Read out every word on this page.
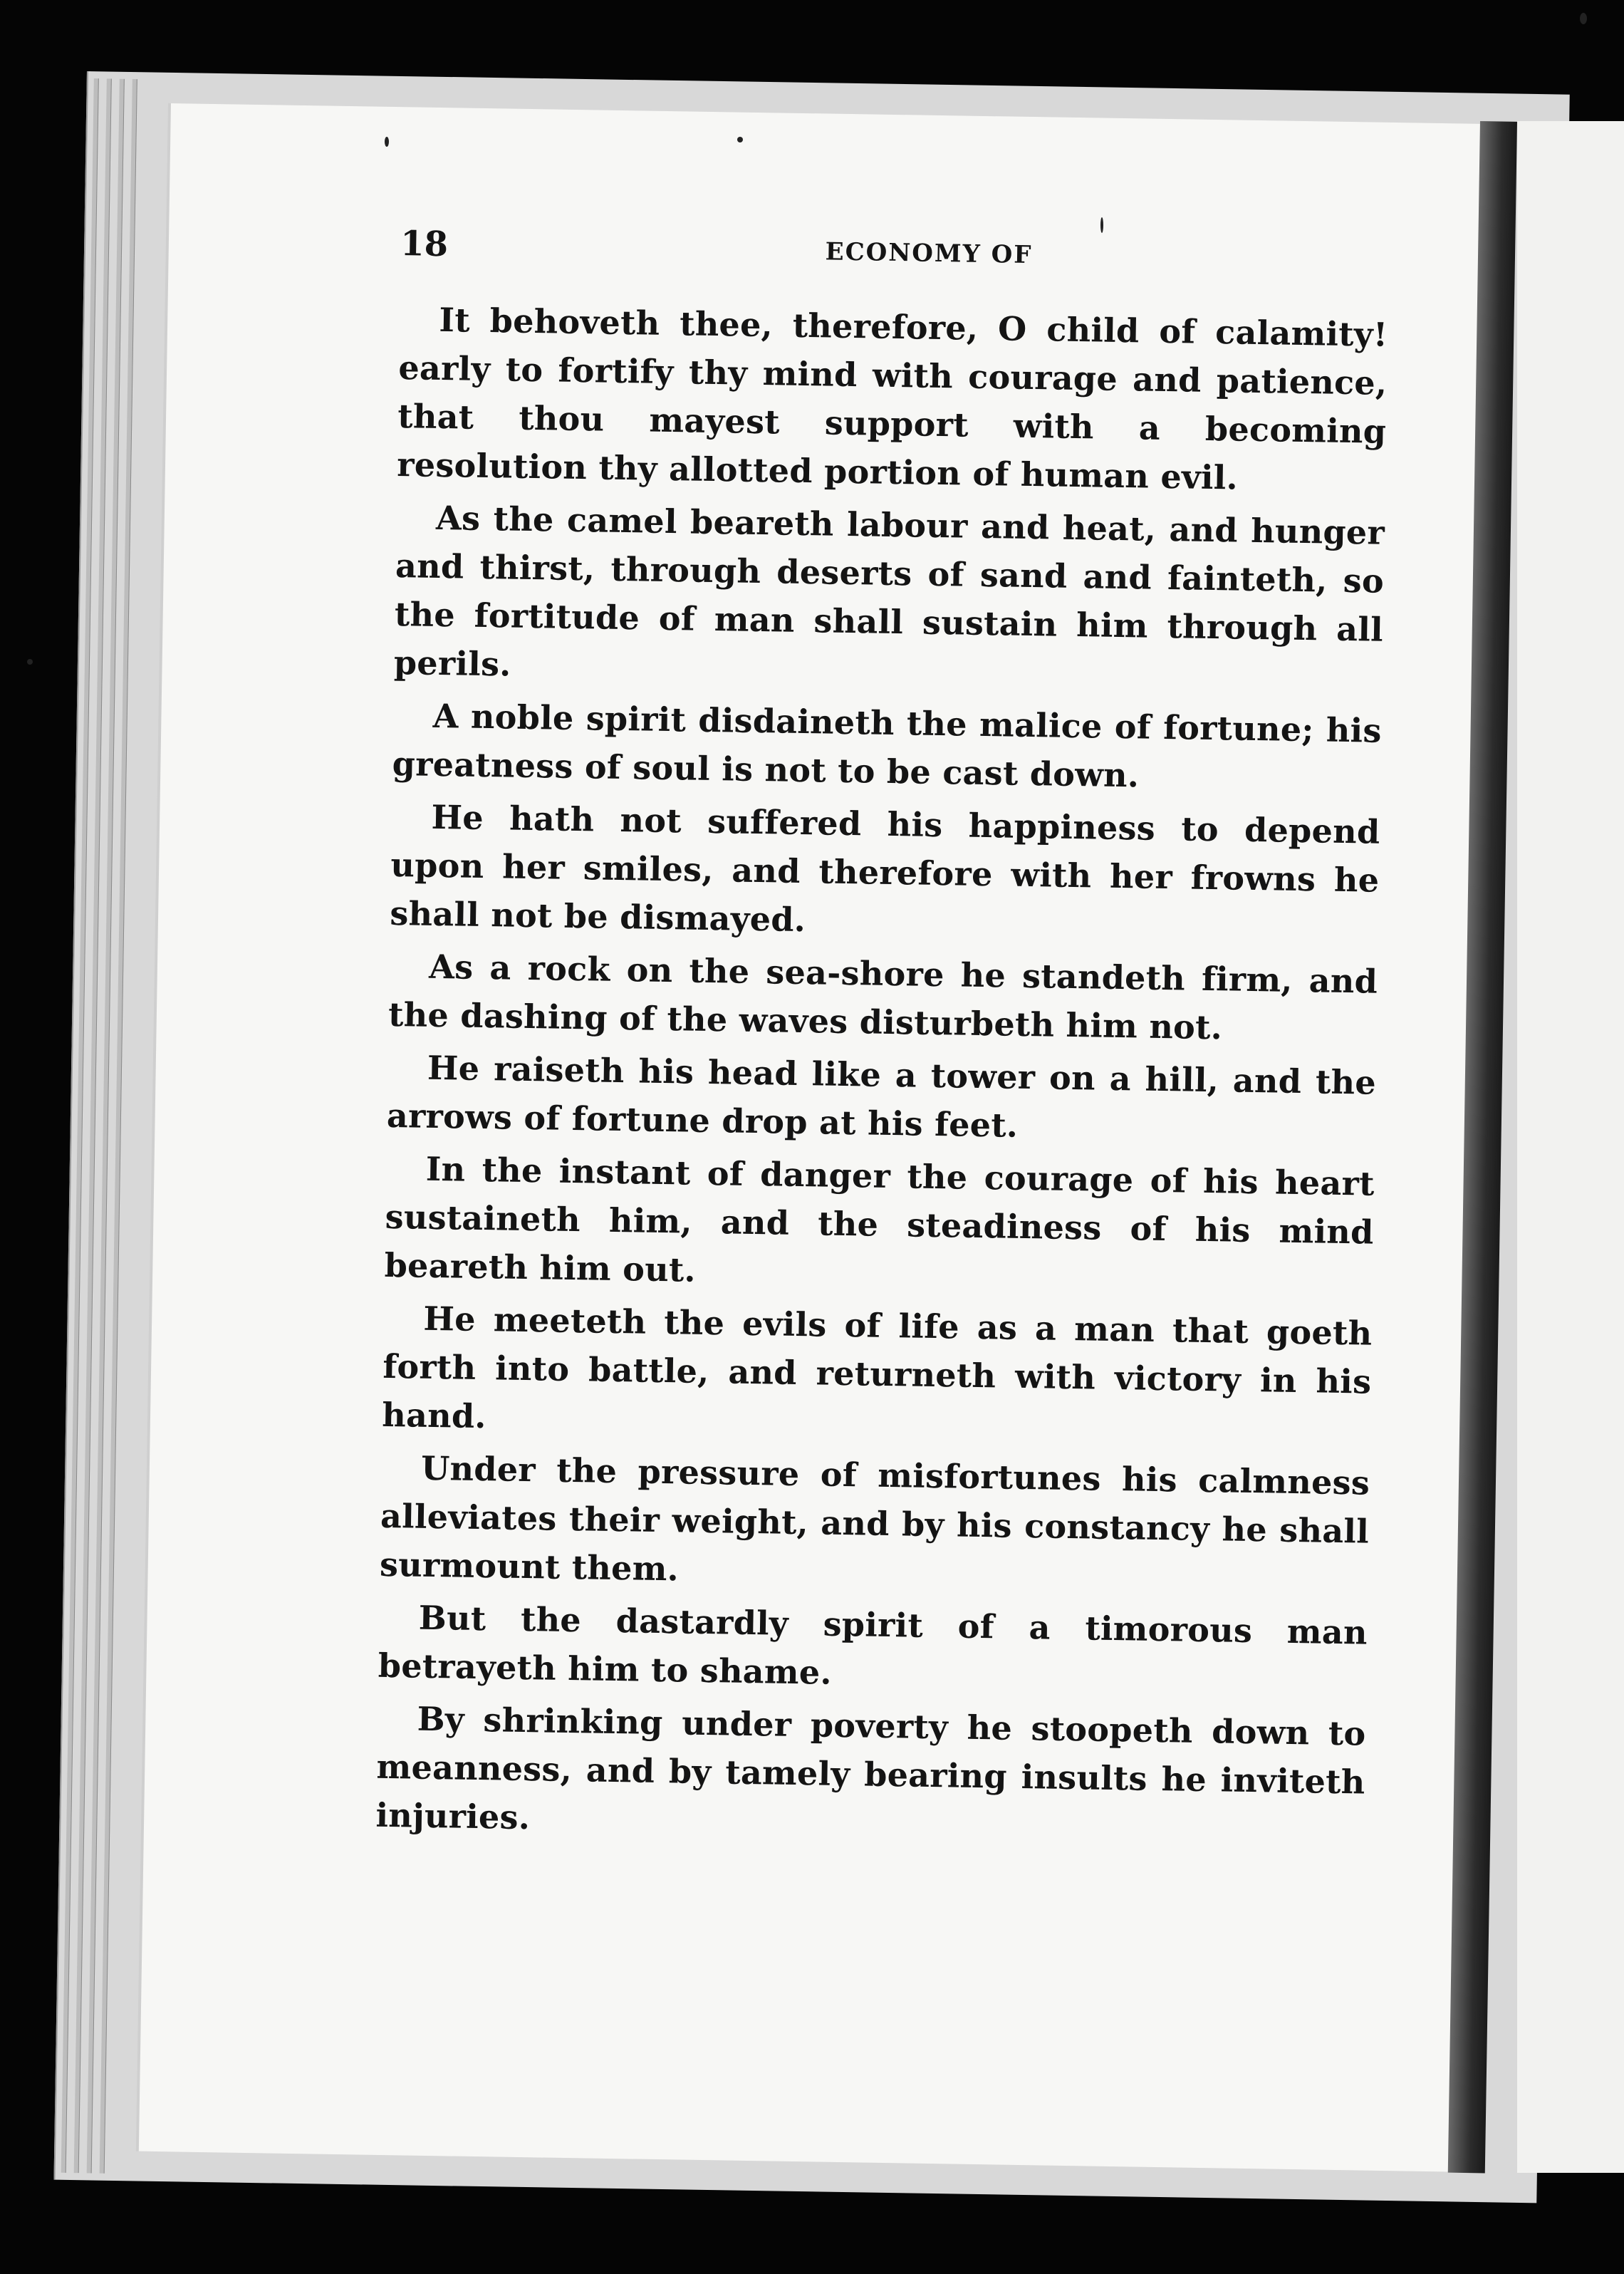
18	ECONOMY OF

It behoveth thee, therefore, O child of calamity! early to fortify thy mind with courage and patience, that thou mayest support with a becoming resolution thy allotted portion of human evil.

As the camel beareth labour and heat, and hunger and thirst, through deserts of sand and fainteth, so the fortitude of man shall sustain him through all perils.

A noble spirit disdaineth the malice of fortune; his greatness of soul is not to be cast down.

He hath not suffered his happiness to depend upon her smiles, and therefore with her frowns he shall not be dismayed.

As a rock on the sea-shore he standeth firm, and the dashing of the waves disturbeth him not.

He raiseth his head like a tower on a hill, and the arrows of fortune drop at his feet.

In the instant of danger the courage of his heart sustaineth him, and the steadiness of his mind beareth him out.

He meeteth the evils of life as a man that goeth forth into battle, and returneth with victory in his hand.

Under the pressure of misfortunes his calmness alleviates their weight, and by his constancy he shall surmount them.

But the dastardly spirit of a timorous man betrayeth him to shame.

By shrinking under poverty he stoopeth down to meanness, and by tamely bearing insults he inviteth injuries.
